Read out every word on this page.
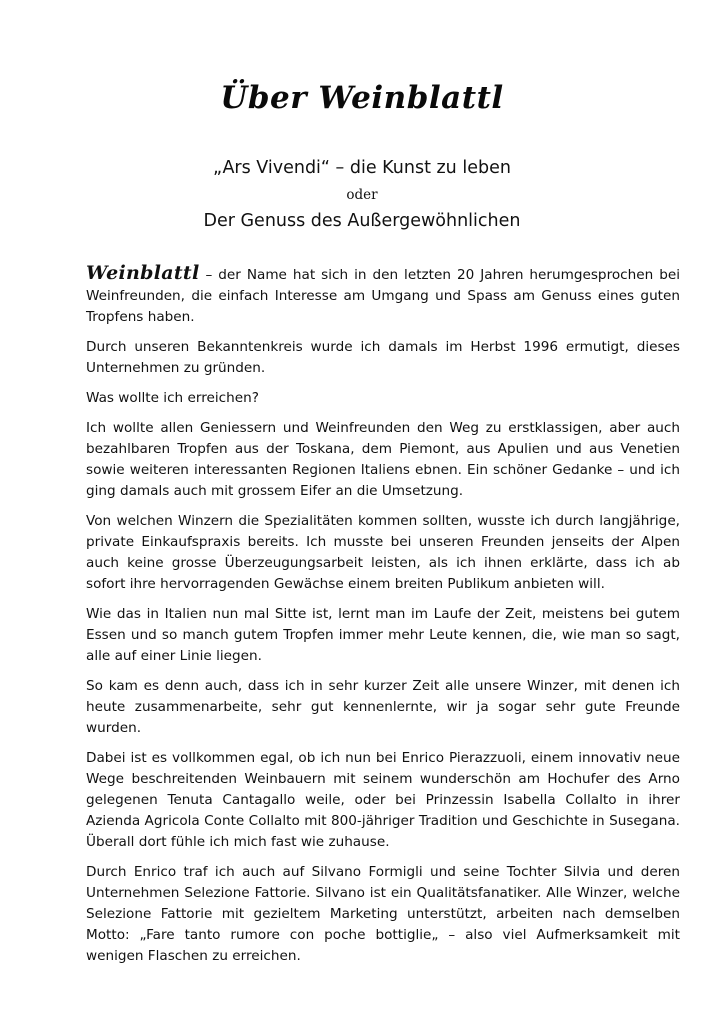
Über Weinblattl
„Ars Vivendi“ – die Kunst zu leben
oder
Der Genuss des Außergewöhnlichen

Weinblattl – der Name hat sich in den letzten 20 Jahren herumgesprochen bei Weinfreunden, die einfach Interesse am Umgang und Spass am Genuss eines guten Tropfens haben.

Durch unseren Bekanntenkreis wurde ich damals im Herbst 1996 ermutigt, dieses Unternehmen zu gründen.

Was wollte ich erreichen?

Ich wollte allen Geniessern und Weinfreunden den Weg zu erstklassigen, aber auch bezahlbaren Tropfen aus der Toskana, dem Piemont, aus Apulien und aus Venetien sowie weiteren interessanten Regionen Italiens ebnen. Ein schöner Gedanke – und ich ging damals auch mit grossem Eifer an die Umsetzung.

Von welchen Winzern die Spezialitäten kommen sollten, wusste ich durch langjährige, private Einkaufspraxis bereits. Ich musste bei unseren Freunden jenseits der Alpen auch keine grosse Überzeugungsarbeit leisten, als ich ihnen erklärte, dass ich ab sofort ihre hervorragenden Gewächse einem breiten Publikum anbieten will.

Wie das in Italien nun mal Sitte ist, lernt man im Laufe der Zeit, meistens bei gutem Essen und so manch gutem Tropfen immer mehr Leute kennen, die, wie man so sagt, alle auf einer Linie liegen.

So kam es denn auch, dass ich in sehr kurzer Zeit alle unsere Winzer, mit denen ich heute zusammenarbeite, sehr gut kennenlernte, wir ja sogar sehr gute Freunde wurden.

Dabei ist es vollkommen egal, ob ich nun bei Enrico Pierazzuoli, einem innovativ neue Wege beschreitenden Weinbauern mit seinem wunderschön am Hochufer des Arno gelegenen Tenuta Cantagallo weile, oder bei Prinzessin Isabella Collalto in ihrer Azienda Agricola Conte Collalto mit 800-jähriger Tradition und Geschichte in Susegana. Überall dort fühle ich mich fast wie zuhause.

Durch Enrico traf ich auch auf Silvano Formigli und seine Tochter Silvia und deren Unternehmen Selezione Fattorie. Silvano ist ein Qualitätsfanatiker. Alle Winzer, welche Selezione Fattorie mit gezieltem Marketing unterstützt, arbeiten nach demselben Motto: „Fare tanto rumore con poche bottiglie„ – also viel Aufmerksamkeit mit wenigen Flaschen zu erreichen.
